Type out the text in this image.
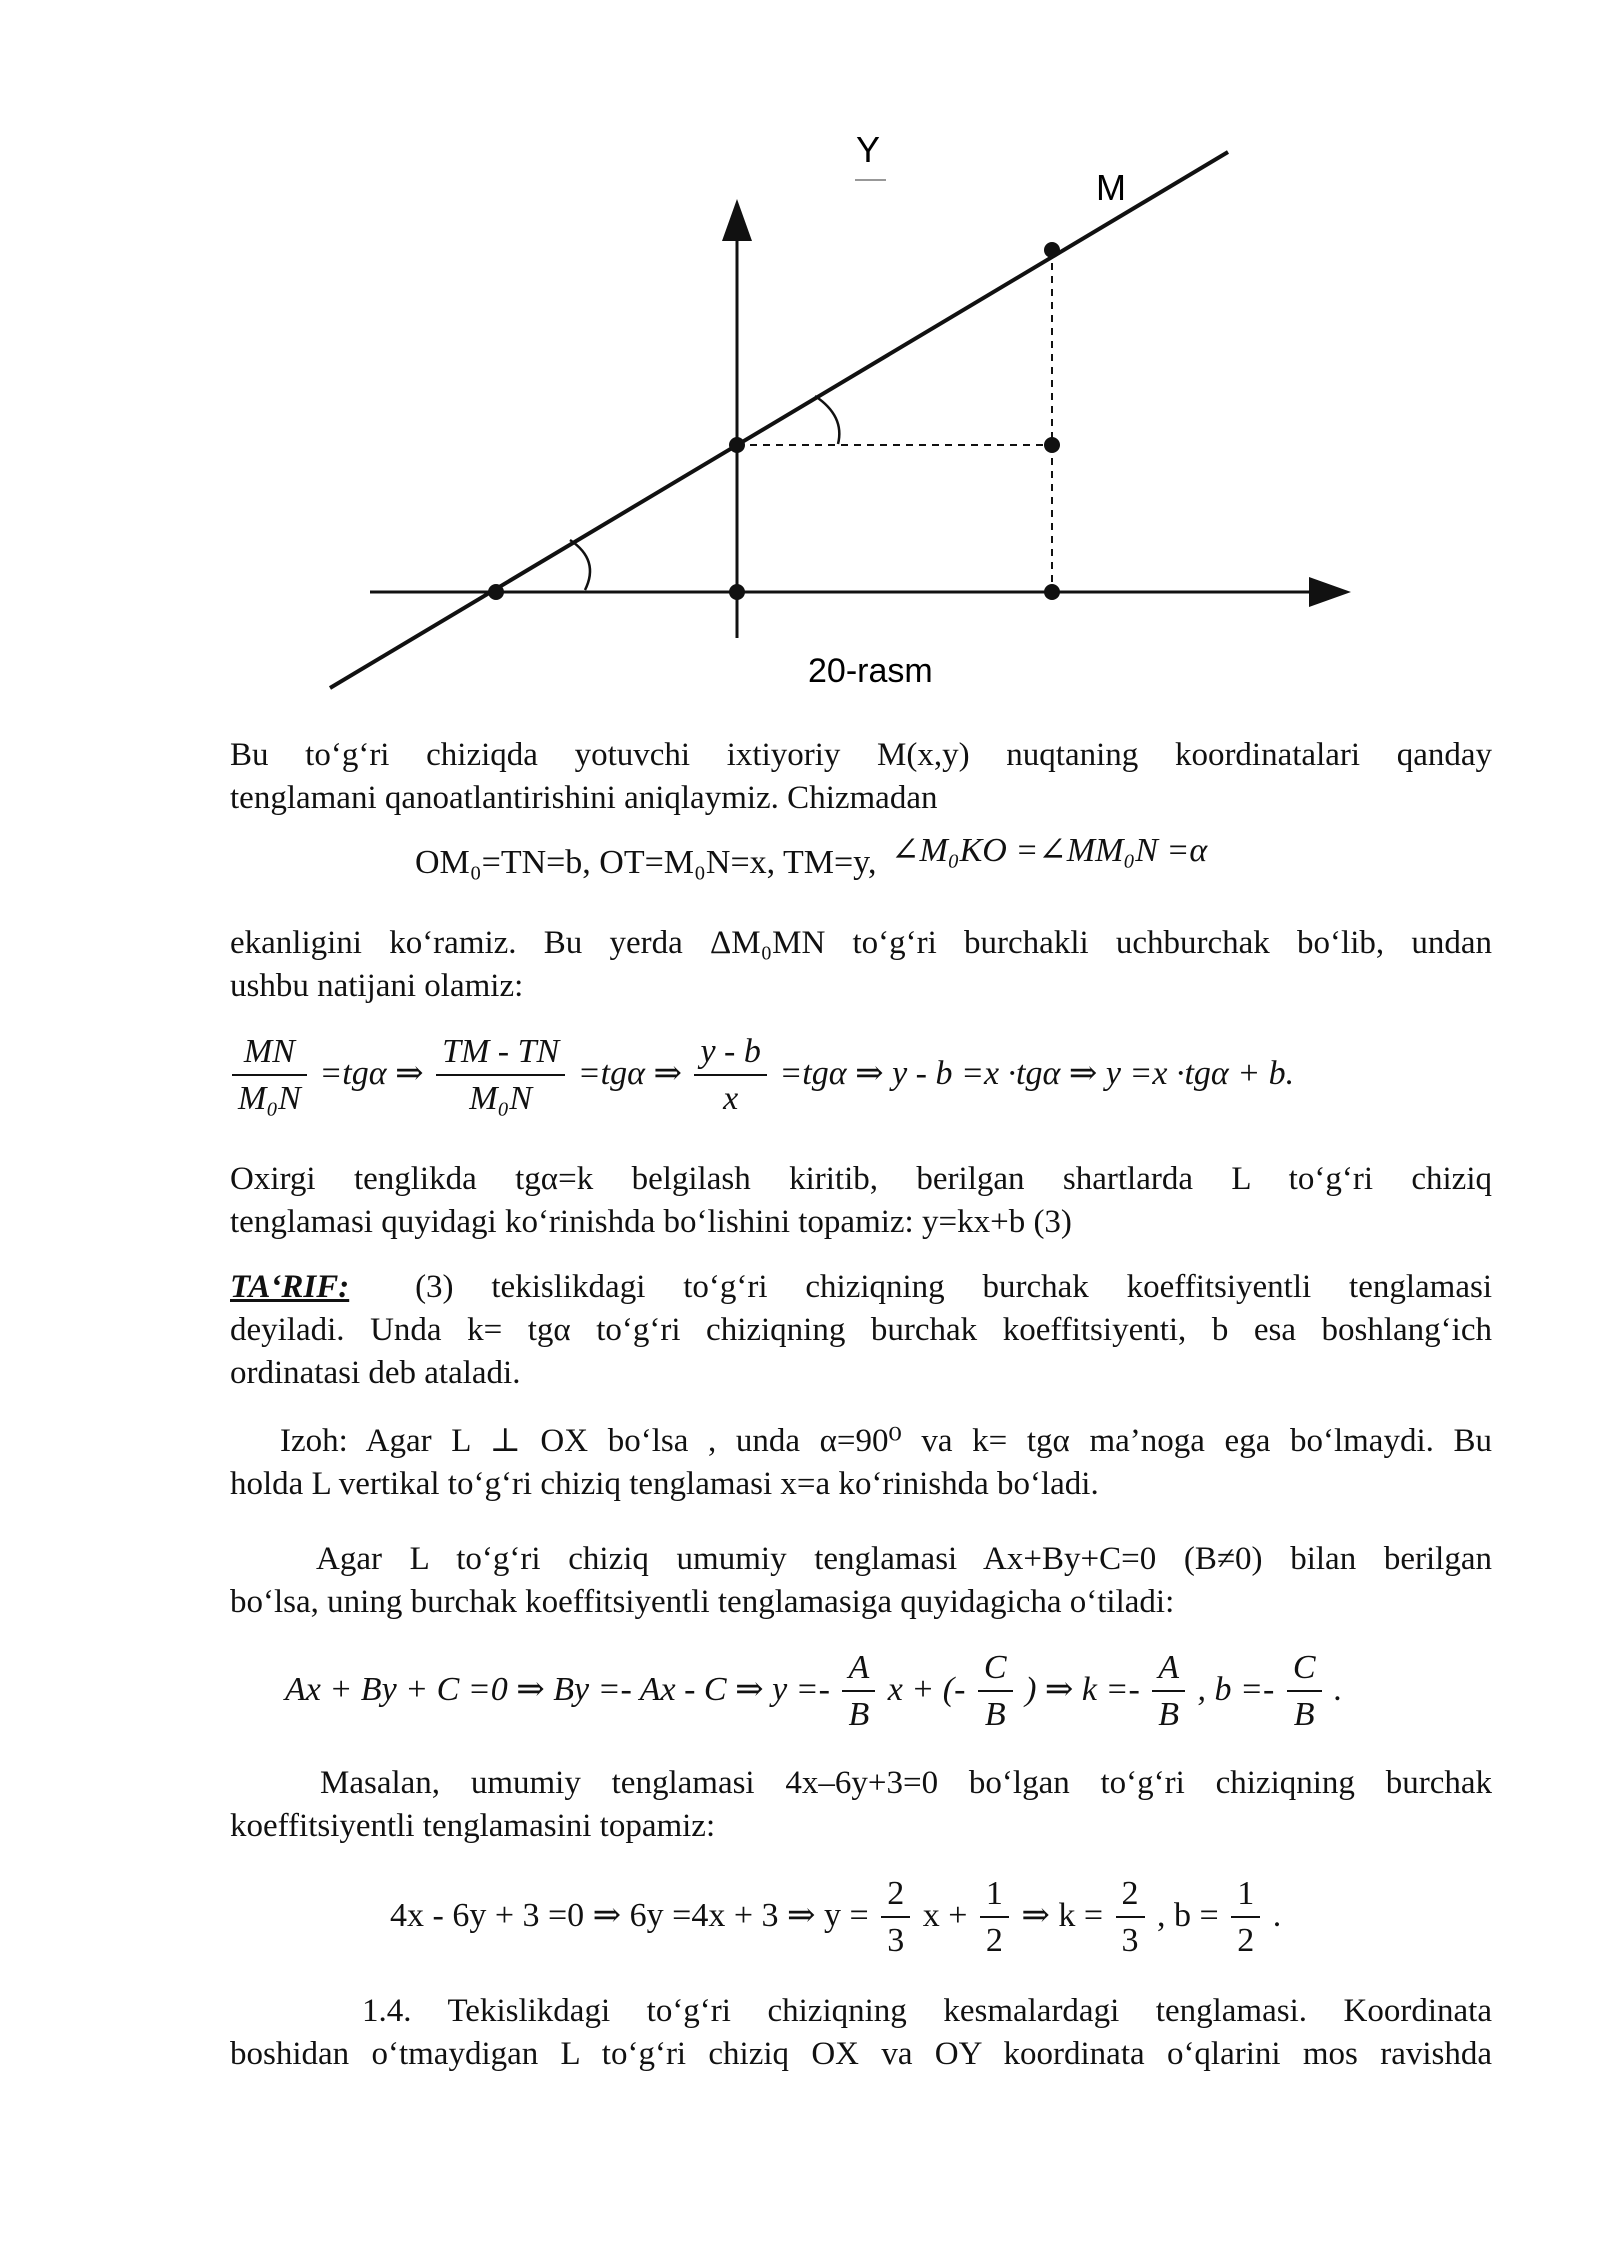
Y
M
20-rasm
Bu to‘g‘ri chiziqda yotuvchi ixtiyoriy M(x,y) nuqtaning koordinatalari qanday
tenglamani qanoatlantirishini aniqlaymiz. Chizmadan
OM₀=TN=b, OT=M₀N=x, TM=y, ∠M₀KO =∠MM₀N =α
ekanligini ko‘ramiz. Bu yerda ΔM₀MN to‘g‘ri burchakli uchburchak bo‘lib, undan
ushbu natijani olamiz:
$\frac{MN}{\text{M₀N}} =tg\alpha$ ⇒ $\frac{TM - TN}{\text{M₀N}} =tg\alpha$ ⇒ $\frac{y - b}{x} =tg\alpha$ ⇒ y - b =x ·tgα ⇒ y =x ·tgα + b.
Oxirgi tenglikda tgα=k belgilash kiritib, berilgan shartlarda L to‘g‘ri chiziq
tenglamasi quyidagi ko‘rinishda bo‘lishini topamiz: y=kx+b (3)
TA‘RIF: (3) tekislikdagi to‘g‘ri chiziqning burchak koeffitsiyentli tenglamasi
deyiladi. Unda k= tgα to‘g‘ri chiziqning burchak koeffitsiyenti, b esa boshlang‘ich
ordinatasi deb ataladi.
Izoh: Agar L ⊥ OX bo‘lsa , unda α=90⁰ va k= tgα ma’noga ega bo‘lmaydi. Bu
holda L vertikal to‘g‘ri chiziq tenglamasi x=a ko‘rinishda bo‘ladi.
Agar L to‘g‘ri chiziq umumiy tenglamasi Ax+By+C=0 (B≠0) bilan berilgan
bo‘lsa, uning burchak koeffitsiyentli tenglamasiga quyidagicha o‘tiladi:
Ax + By + C =0 ⇒ By =- Ax - C ⇒ $y =- \frac{A}{B}$ x + (- $\frac{C}{B}$ ) ⇒ $k =- \frac{A}{B}$ , $b =- \frac{C}{B}$ .
Masalan, umumiy tenglamasi 4x–6y+3=0 bo‘lgan to‘g‘ri chiziqning burchak
koeffitsiyentli tenglamasini topamiz:
4x - 6y + 3 =0 ⇒ 6y =4x + 3 ⇒ $y = \frac{2}{3}$ $x + \frac{1}{2}$ ⇒ $k = \frac{2}{3}$ , $b = \frac{1}{2}$ .
1.4. Tekislikdagi to‘g‘ri chiziqning kesmalardagi tenglamasi. Koordinata
boshidan o‘tmaydigan L to‘g‘ri chiziq OX va OY koordinata o‘qlarini mos ravishda
